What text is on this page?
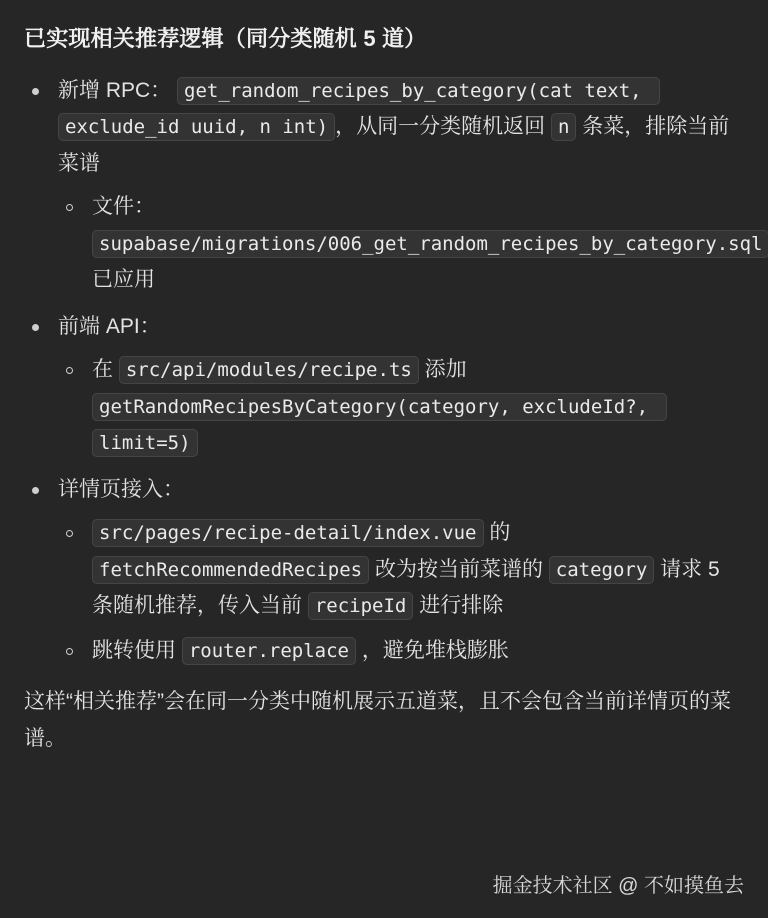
已实现相关推荐逻辑（同分类随机 5 道）
新增 RPC： get_random_recipes_by_category(cat text, exclude_id uuid, n int) ，从同一分类随机返回 n 条菜，排除当前菜谱
文件： supabase/migrations/006_get_random_recipes_by_category.sql 已应用
前端 API：
在 src/api/modules/recipe.ts 添加 getRandomRecipesByCategory(category, excludeId?, limit=5)
详情页接入：
src/pages/recipe-detail/index.vue 的 fetchRecommendedRecipes 改为按当前菜谱的 category 请求 5 条随机推荐，传入当前 recipeId 进行排除
跳转使用 router.replace ，避免堆栈膨胀
这样“相关推荐”会在同一分类中随机展示五道菜，且不会包含当前详情页的菜谱。
掘金技术社区 @ 不如摸鱼去
